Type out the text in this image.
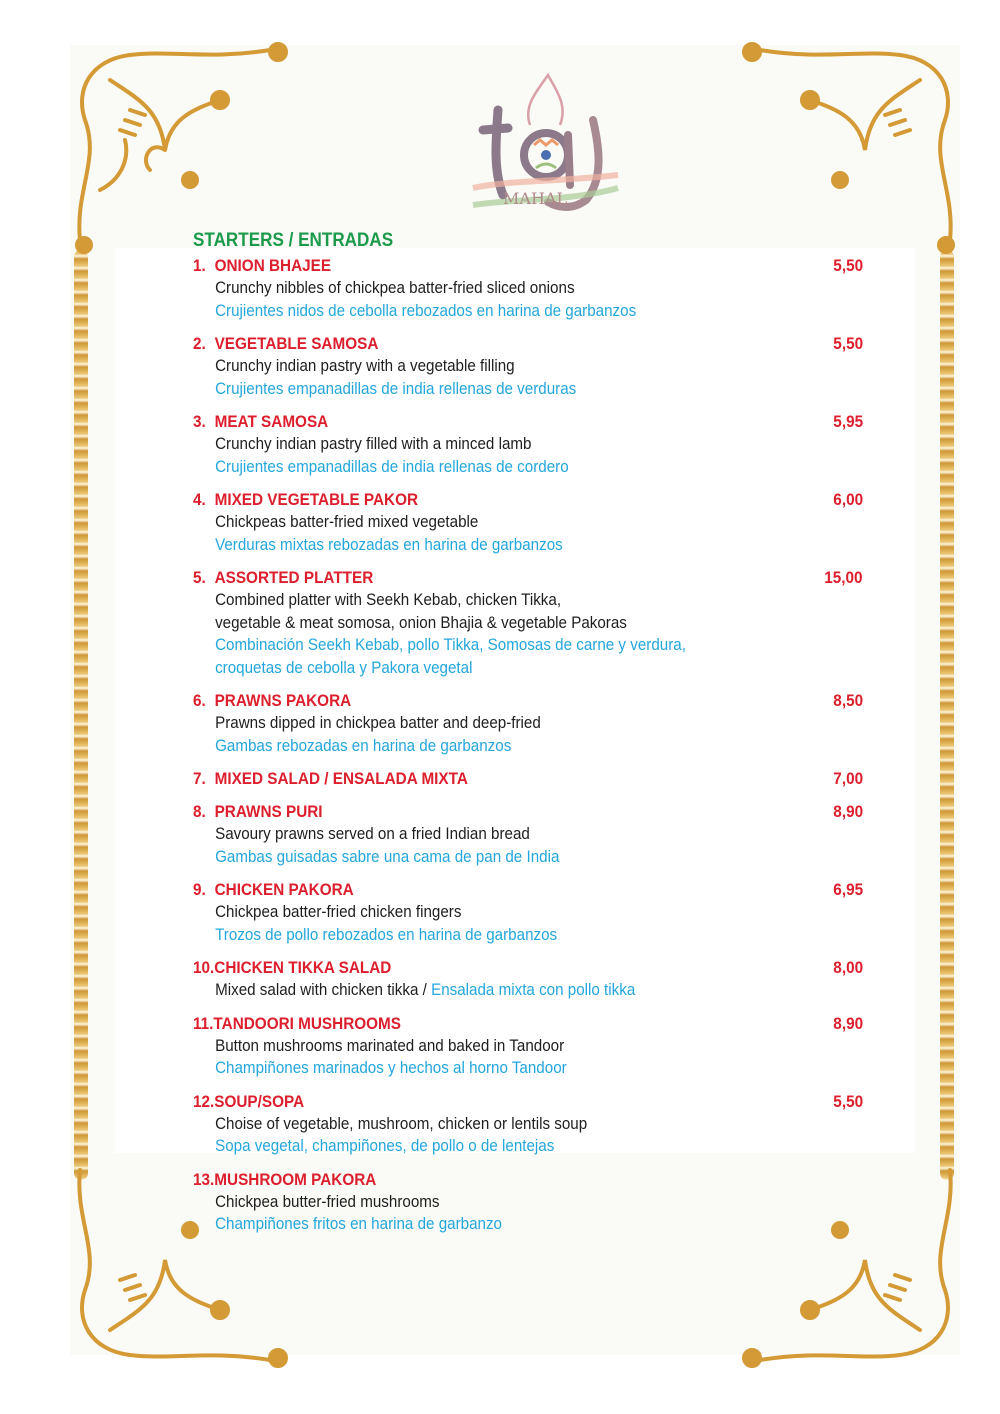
MAHAL
STARTERS / ENTRADAS
1. ONION BHAJEE	5,50
Crunchy nibbles of chickpea batter-fried sliced onions
Crujientes nidos de cebolla rebozados en harina de garbanzos
2. VEGETABLE SAMOSA	5,50
Crunchy indian pastry with a vegetable filling
Crujientes empanadillas de india rellenas de verduras
3. MEAT SAMOSA	5,95
Crunchy indian pastry filled with a minced lamb
Crujientes empanadillas de india rellenas de cordero
4. MIXED VEGETABLE PAKOR	6,00
Chickpeas batter-fried mixed vegetable
Verduras mixtas rebozadas en harina de garbanzos
5. ASSORTED PLATTER	15,00
Combined platter with Seekh Kebab, chicken Tikka,
vegetable & meat somosa, onion Bhajia & vegetable Pakoras
Combinación Seekh Kebab, pollo Tikka, Somosas de carne y verdura,
croquetas de cebolla y Pakora vegetal
6. PRAWNS PAKORA	8,50
Prawns dipped in chickpea batter and deep-fried
Gambas rebozadas en harina de garbanzos
7. MIXED SALAD / ENSALADA MIXTA	7,00
8. PRAWNS PURI	8,90
Savoury prawns served on a fried Indian bread
Gambas guisadas sabre una cama de pan de India
9. CHICKEN PAKORA	6,95
Chickpea batter-fried chicken fingers
Trozos de pollo rebozados en harina de garbanzos
10.CHICKEN TIKKA SALAD	8,00
Mixed salad with chicken tikka / Ensalada mixta con pollo tikka
11.TANDOORI MUSHROOMS	8,90
Button mushrooms marinated and baked in Tandoor
Champiñones marinados y hechos al horno Tandoor
12.SOUP/SOPA	5,50
Choise of vegetable, mushroom, chicken or lentils soup
Sopa vegetal, champiñones, de pollo o de lentejas
13.MUSHROOM PAKORA
Chickpea butter-fried mushrooms
Champiñones fritos en harina de garbanzo
